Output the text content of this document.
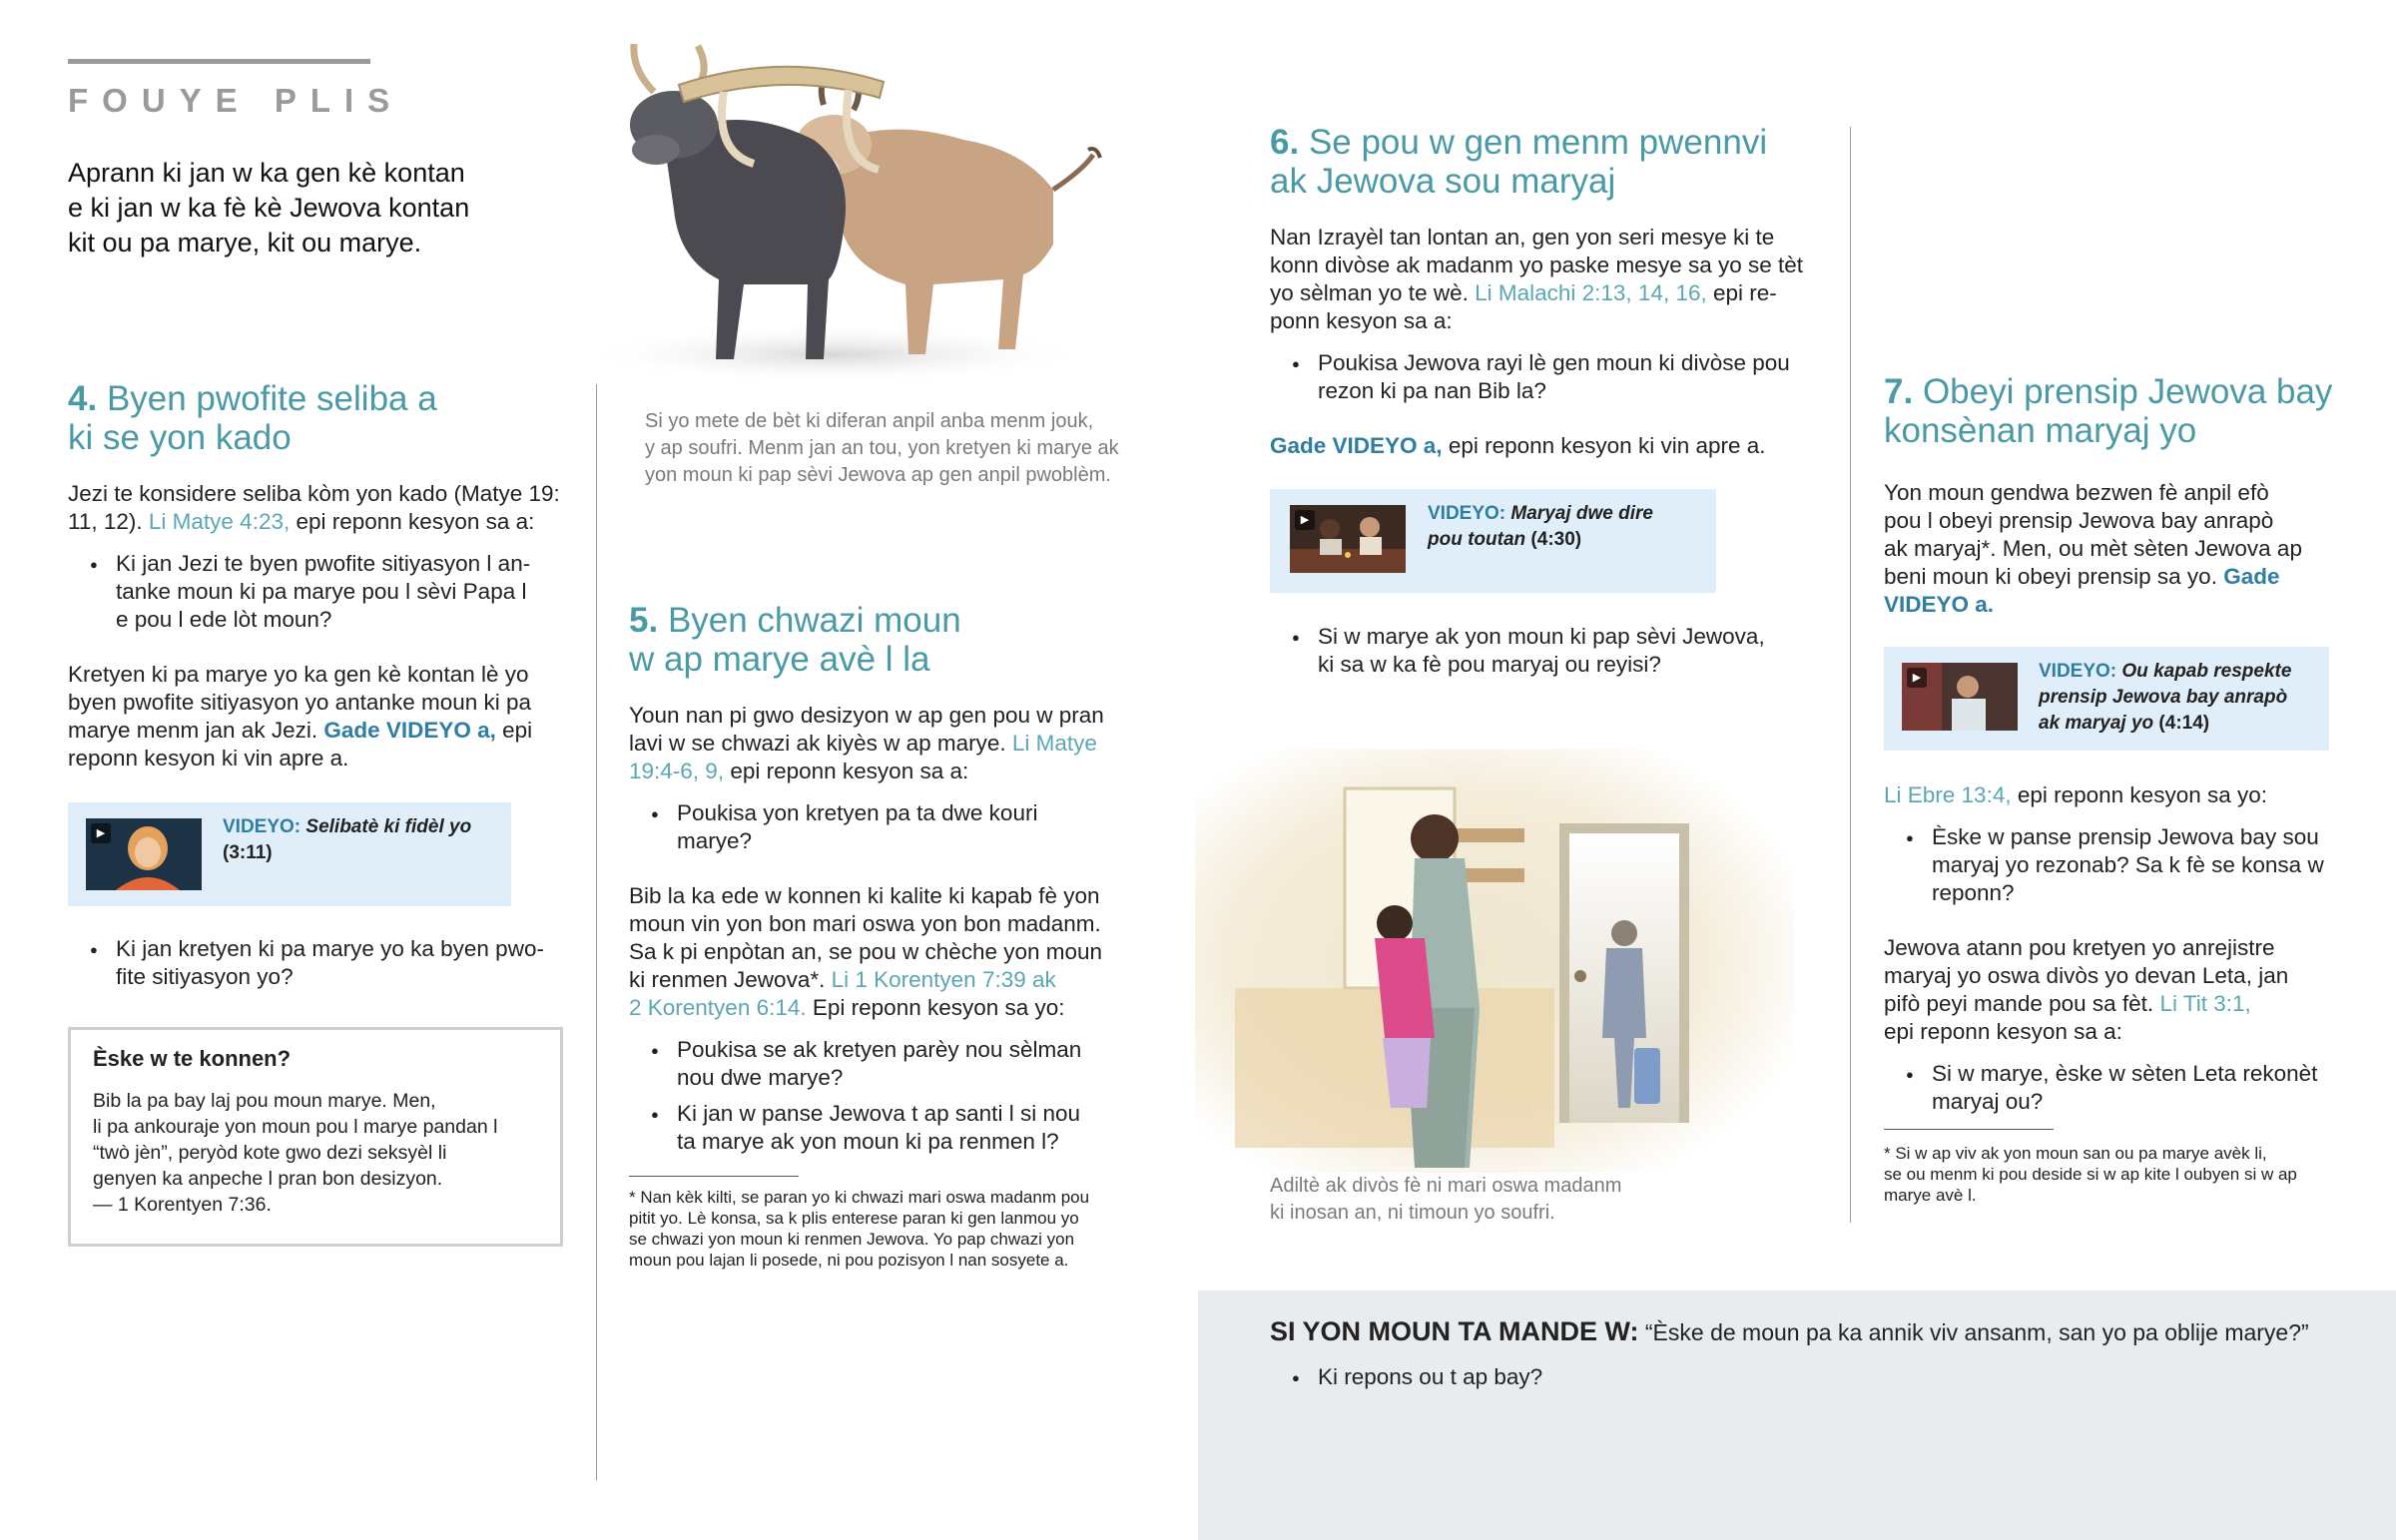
FOUYE PLIS
Aprann ki jan w ka gen kè kontan
e ki jan w ka fè kè Jewova kontan
kit ou pa marye, kit ou marye.

4. Byen pwofite seliba a

ki se yon kado

Jezi te konsidere seliba kòm yon kado (Matye 19:

11, 12). Li Matye 4:23, epi reponn kesyon sa a:

● Ki jan Jezi te byen pwofite sitiyasyon l an-

tanke moun ki pa marye pou l sèvi Papa l

e pou l ede lòt moun?

Kretyen ki pa marye yo ka gen kè kontan lè yo

byen pwofite sitiyasyon yo antanke moun ki pa

marye menm jan ak Jezi. Gade VIDEYO a, epi

reponn kesyon ki vin apre a.

▶	VIDEYO: Selibatè ki fidèl yo
(3:11)

● Ki jan kretyen ki pa marye yo ka byen pwo-

fite sitiyasyon yo?

Èske w te konnen?
Bib la pa bay laj pou moun marye. Men,
li pa ankouraje yon moun pou l marye pandan l
“twò jèn”, peryòd kote gwo dezi seksyèl li
genyen ka anpeche l pran bon desizyon.
— 1 Korentyen 7:36.

Si yo mete de bèt ki diferan anpil anba menm jouk,

y ap soufri. Menm jan an tou, yon kretyen ki marye ak

yon moun ki pap sèvi Jewova ap gen anpil pwoblèm.

5. Byen chwazi moun

w ap marye avè l la

Youn nan pi gwo desizyon w ap gen pou w pran

lavi w se chwazi ak kiyès w ap marye. Li Matye

19:4-6, 9, epi reponn kesyon sa a:

● Poukisa yon kretyen pa ta dwe kouri

marye?

Bib la ka ede w konnen ki kalite ki kapab fè yon

moun vin yon bon mari oswa yon bon madanm.

Sa k pi enpòtan an, se pou w chèche yon moun

ki renmen Jewova*. Li 1 Korentyen 7:39 ak

2 Korentyen 6:14. Epi reponn kesyon sa yo:

● Poukisa se ak kretyen parèy nou sèlman

nou dwe marye?

● Ki jan w panse Jewova t ap santi l si nou

ta marye ak yon moun ki pa renmen l?

* Nan kèk kilti, se paran yo ki chwazi mari oswa madanm pou

pitit yo. Lè konsa, sa k plis enterese paran ki gen lanmou yo

se chwazi yon moun ki renmen Jewova. Yo pap chwazi yon

moun pou lajan li posede, ni pou pozisyon l nan sosyete a.

6. Se pou w gen menm pwennvi

ak Jewova sou maryaj

Nan Izrayèl tan lontan an, gen yon seri mesye ki te

konn divòse ak madanm yo paske mesye sa yo se tèt

yo sèlman yo te wè. Li Malachi 2:13, 14, 16, epi re-

ponn kesyon sa a:

● Poukisa Jewova rayi lè gen moun ki divòse pou

rezon ki pa nan Bib la?

Gade VIDEYO a, epi reponn kesyon ki vin apre a.

▶	VIDEYO: Maryaj dwe dire
pou toutan (4:30)

● Si w marye ak yon moun ki pap sèvi Jewova,

ki sa w ka fè pou maryaj ou reyisi?

Adiltè ak divòs fè ni mari oswa madanm

ki inosan an, ni timoun yo soufri.

7. Obeyi prensip Jewova bay

konsènan maryaj yo

Yon moun gendwa bezwen fè anpil efò

pou l obeyi prensip Jewova bay anrapò

ak maryaj*. Men, ou mèt sèten Jewova ap

beni moun ki obeyi prensip sa yo. Gade

VIDEYO a.

▶	VIDEYO: Ou kapab respekte
prensip Jewova bay anrapò
ak maryaj yo (4:14)

Li Ebre 13:4, epi reponn kesyon sa yo:

● Èske w panse prensip Jewova bay sou

maryaj yo rezonab? Sa k fè se konsa w

reponn?

Jewova atann pou kretyen yo anrejistre

maryaj yo oswa divòs yo devan Leta, jan

pifò peyi mande pou sa fèt. Li Tit 3:1,

epi reponn kesyon sa a:

● Si w marye, èske w sèten Leta rekonèt

maryaj ou?

* Si w ap viv ak yon moun san ou pa marye avèk li,

se ou menm ki pou deside si w ap kite l oubyen si w ap

marye avè l.

SI YON MOUN TA MANDE W: “Èske de moun pa ka annik viv ansanm, san yo pa oblije marye?”

● Ki repons ou t ap bay?
